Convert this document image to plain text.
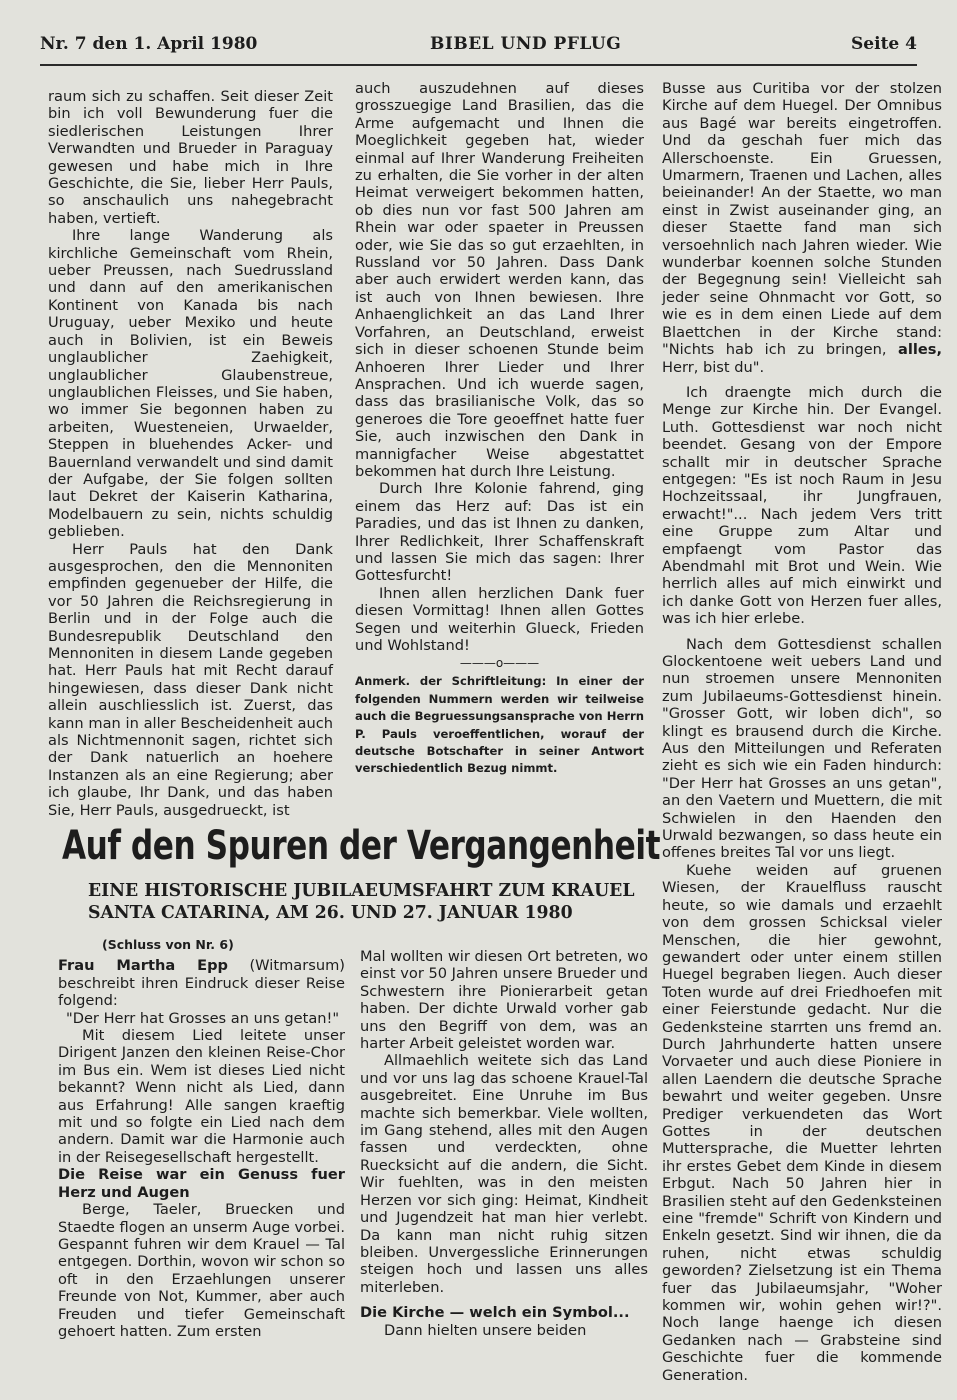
Nr. 7 den 1. April 1980	BIBEL UND PFLUG	Seite 4

raum sich zu schaffen. Seit dieser Zeit bin ich voll Bewunderung fuer die siedlerischen Leistungen Ihrer Verwandten und Brueder in Paraguay gewesen und habe mich in Ihre Geschichte, die Sie, lieber Herr Pauls, so anschaulich uns nahegebracht haben, vertieft.

Ihre lange Wanderung als kirchliche Gemeinschaft vom Rhein, ueber Preussen, nach Suedrussland und dann auf den amerikanischen Kontinent von Kanada bis nach Uruguay, ueber Mexiko und heute auch in Bolivien, ist ein Beweis unglaublicher Zaehigkeit, unglaublicher Glaubenstreue, unglaublichen Fleisses, und Sie haben, wo immer Sie begonnen haben zu arbeiten, Wuesteneien, Urwaelder, Steppen in bluehendes Acker- und Bauernland verwandelt und sind damit der Aufgabe, der Sie folgen sollten laut Dekret der Kaiserin Katharina, Modelbauern zu sein, nichts schuldig geblieben.

Herr Pauls hat den Dank ausgesprochen, den die Mennoniten empfinden gegenueber der Hilfe, die vor 50 Jahren die Reichsregierung in Berlin und in der Folge auch die Bundesrepublik Deutschland den Mennoniten in diesem Lande gegeben hat. Herr Pauls hat mit Recht darauf hingewiesen, dass dieser Dank nicht allein auschliesslich ist. Zuerst, das kann man in aller Bescheidenheit auch als Nichtmennonit sagen, richtet sich der Dank natuerlich an hoehere Instanzen als an eine Regierung; aber ich glaube, Ihr Dank, und das haben Sie, Herr Pauls, ausgedrueckt, ist

auch auszudehnen auf dieses grosszuegige Land Brasilien, das die Arme aufgemacht und Ihnen die Moeglichkeit gegeben hat, wieder einmal auf Ihrer Wanderung Freiheiten zu erhalten, die Sie vorher in der alten Heimat verweigert bekommen hatten, ob dies nun vor fast 500 Jahren am Rhein war oder spaeter in Preussen oder, wie Sie das so gut erzaehlten, in Russland vor 50 Jahren. Dass Dank aber auch erwidert werden kann, das ist auch von Ihnen bewiesen. Ihre Anhaenglichkeit an das Land Ihrer Vorfahren, an Deutschland, erweist sich in dieser schoenen Stunde beim Anhoeren Ihrer Lieder und Ihrer Ansprachen. Und ich wuerde sagen, dass das brasilianische Volk, das so generoes die Tore geoeffnet hatte fuer Sie, auch inzwischen den Dank in mannigfacher Weise abgestattet bekommen hat durch Ihre Leistung.

Durch Ihre Kolonie fahrend, ging einem das Herz auf: Das ist ein Paradies, und das ist Ihnen zu danken, Ihrer Redlichkeit, Ihrer Schaffenskraft und lassen Sie mich das sagen: Ihrer Gottesfurcht!

Ihnen allen herzlichen Dank fuer diesen Vormittag! Ihnen allen Gottes Segen und weiterhin Glueck, Frieden und Wohlstand!

———o———
Anmerk. der Schriftleitung: In einer der folgenden Nummern werden wir teilweise auch die Begruessungsansprache von Herrn P. Pauls veroeffentlichen, worauf der deutsche Botschafter in seiner Antwort verschiedentlich Bezug nimmt.

Busse aus Curitiba vor der stolzen Kirche auf dem Huegel. Der Omnibus aus Bagé war bereits eingetroffen. Und da geschah fuer mich das Allerschoenste. Ein Gruessen, Umarmern, Traenen und Lachen, alles beieinander! An der Staette, wo man einst in Zwist auseinander ging, an dieser Staette fand man sich versoehnlich nach Jahren wieder. Wie wunderbar koennen solche Stunden der Begegnung sein! Vielleicht sah jeder seine Ohnmacht vor Gott, so wie es in dem einen Liede auf dem Blaettchen in der Kirche stand: "Nichts hab ich zu bringen, alles, Herr, bist du".

Ich draengte mich durch die Menge zur Kirche hin. Der Evangel. Luth. Gottesdienst war noch nicht beendet. Gesang von der Empore schallt mir in deutscher Sprache entgegen: "Es ist noch Raum in Jesu Hochzeitssaal, ihr Jungfrauen, erwacht!"... Nach jedem Vers tritt eine Gruppe zum Altar und empfaengt vom Pastor das Abendmahl mit Brot und Wein. Wie herrlich alles auf mich einwirkt und ich danke Gott von Herzen fuer alles, was ich hier erlebe.

Nach dem Gottesdienst schallen Glockentoene weit uebers Land und nun stroemen unsere Mennoniten zum Jubilaeums-Gottesdienst hinein. "Grosser Gott, wir loben dich", so klingt es brausend durch die Kirche. Aus den Mitteilungen und Referaten zieht es sich wie ein Faden hindurch: "Der Herr hat Grosses an uns getan", an den Vaetern und Muettern, die mit Schwielen in den Haenden den Urwald bezwangen, so dass heute ein offenes breites Tal vor uns liegt.

Kuehe weiden auf gruenen Wiesen, der Krauelfluss rauscht heute, so wie damals und erzaehlt von dem grossen Schicksal vieler Menschen, die hier gewohnt, gewandert oder unter einem stillen Huegel begraben liegen. Auch dieser Toten wurde auf drei Friedhoefen mit einer Feierstunde gedacht. Nur die Gedenksteine starrten uns fremd an. Durch Jahrhunderte hatten unsere Vorvaeter und auch diese Pioniere in allen Laendern die deutsche Sprache bewahrt und weiter gegeben. Unsre Prediger verkuendeten das Wort Gottes in der deutschen Muttersprache, die Muetter lehrten ihr erstes Gebet dem Kinde in diesem Erbgut. Nach 50 Jahren hier in Brasilien steht auf den Gedenksteinen eine "fremde" Schrift von Kindern und Enkeln gesetzt. Sind wir ihnen, die da ruhen, nicht etwas schuldig geworden? Zielsetzung ist ein Thema fuer das Jubilaeumsjahr, "Woher kommen wir, wohin gehen wir!?". Noch lange haenge ich diesen Gedanken nach — Grabsteine sind Geschichte fuer die kommende Generation.

Auf den Spuren der Vergangenheit
EINE HISTORISCHE JUBILAEUMSFAHRT ZUM KRAUEL
SANTA CATARINA, AM 26. UND 27. JANUAR 1980
(Schluss von Nr. 6)

Frau Martha Epp (Witmarsum) beschreibt ihren Eindruck dieser Reise folgend:

"Der Herr hat Grosses an uns getan!"

Mit diesem Lied leitete unser Dirigent Janzen den kleinen Reise-Chor im Bus ein. Wem ist dieses Lied nicht bekannt? Wenn nicht als Lied, dann aus Erfahrung! Alle sangen kraeftig mit und so folgte ein Lied nach dem andern. Damit war die Harmonie auch in der Reisegesellschaft hergestellt.

Die Reise war ein Genuss fuer Herz und Augen

Berge, Taeler, Bruecken und Staedte flogen an unserm Auge vorbei. Gespannt fuhren wir dem Krauel — Tal entgegen. Dorthin, wovon wir schon so oft in den Erzaehlungen unserer Freunde von Not, Kummer, aber auch Freuden und tiefer Gemeinschaft gehoert hatten. Zum ersten

Mal wollten wir diesen Ort betreten, wo einst vor 50 Jahren unsere Brueder und Schwestern ihre Pionierarbeit getan haben. Der dichte Urwald vorher gab uns den Begriff von dem, was an harter Arbeit geleistet worden war.

Allmaehlich weitete sich das Land und vor uns lag das schoene Krauel-Tal ausgebreitet. Eine Unruhe im Bus machte sich bemerkbar. Viele wollten, im Gang stehend, alles mit den Augen fassen und verdeckten, ohne Ruecksicht auf die andern, die Sicht. Wir fuehlten, was in den meisten Herzen vor sich ging: Heimat, Kindheit und Jugendzeit hat man hier verlebt. Da kann man nicht ruhig sitzen bleiben. Unvergessliche Erinnerungen steigen hoch und lassen uns alles miterleben.

Die Kirche — welch ein Symbol...

Dann hielten unsere beiden
